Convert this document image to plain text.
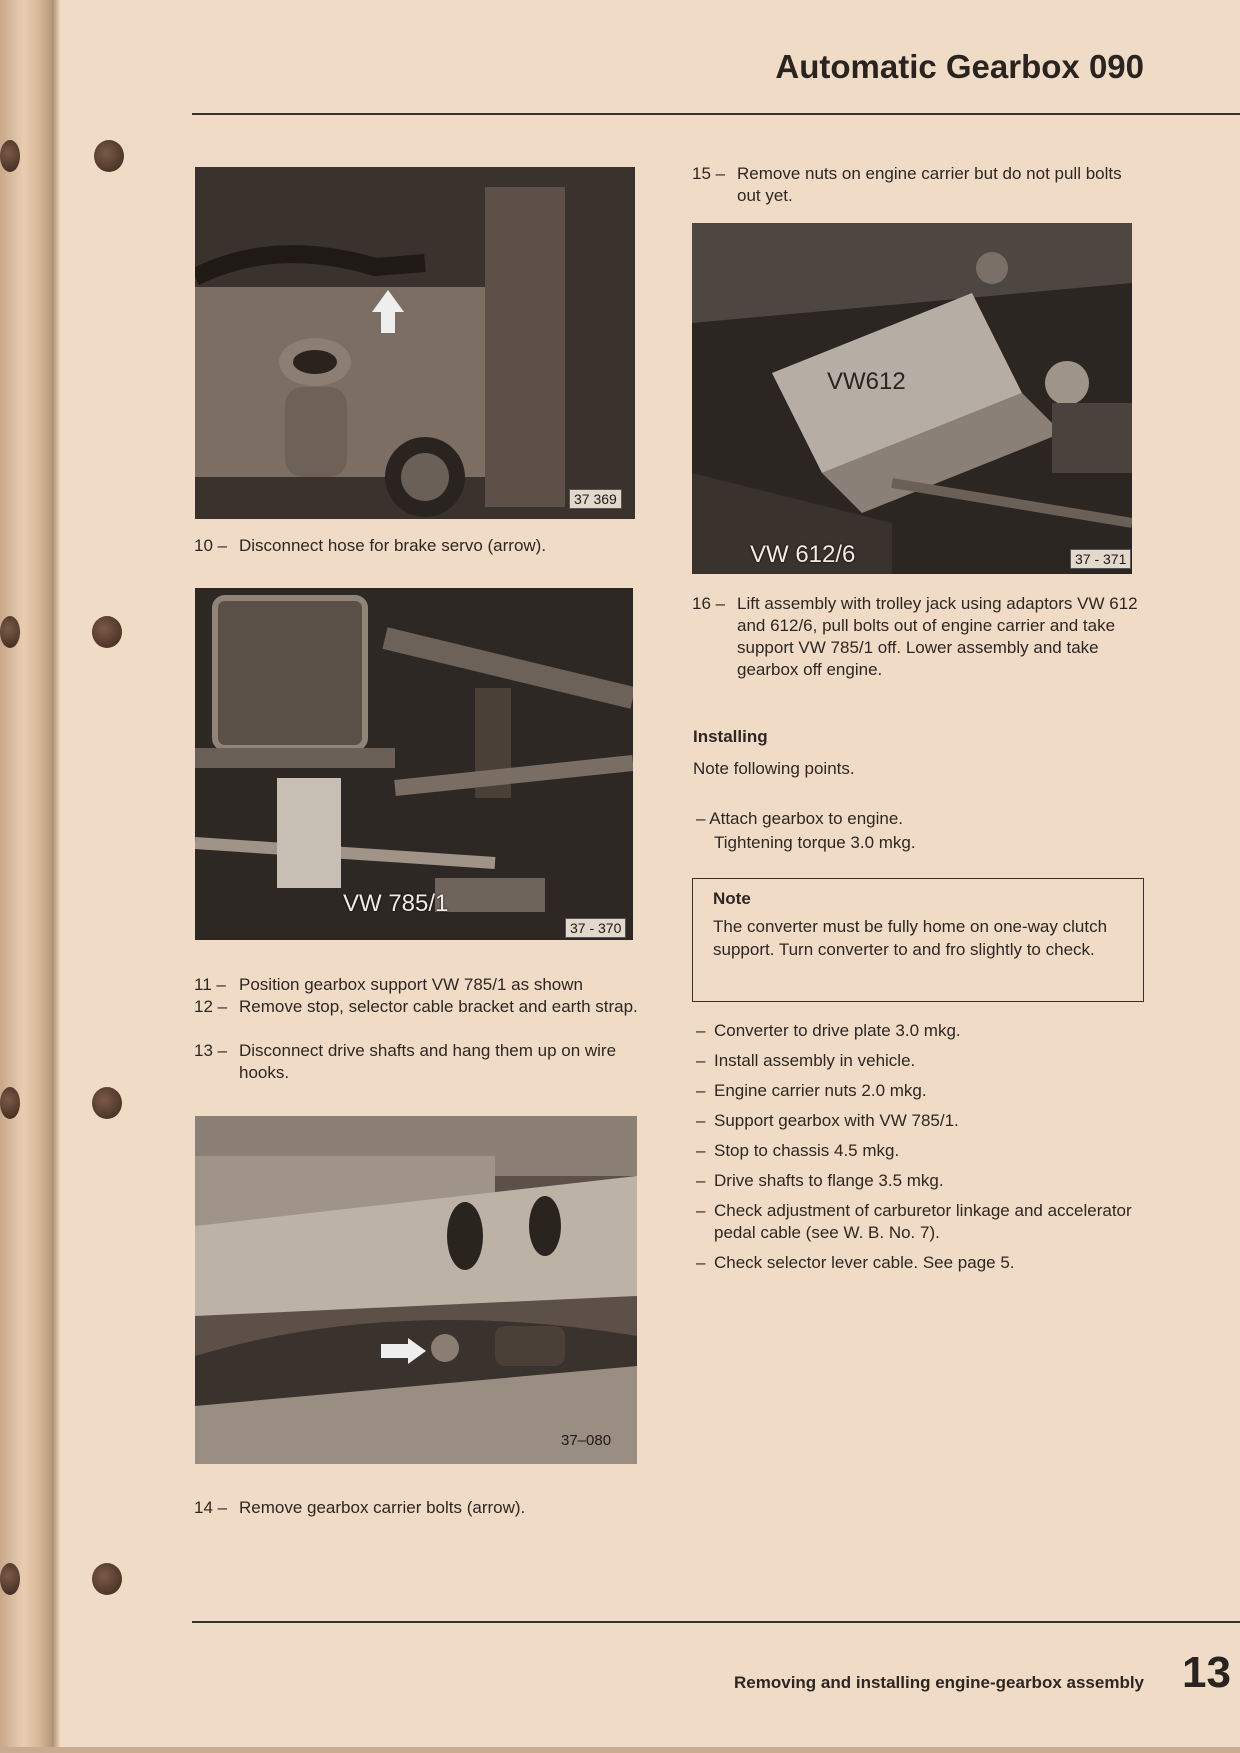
Automatic Gearbox 090
37 369
10 – Disconnect hose for brake servo (arrow).
VW 785/1
37 - 370
11 – Position gearbox support VW 785/1 as shown
12 – Remove stop, selector cable bracket and earth strap.
13 – Disconnect drive shafts and hang them up on wire hooks.
37–080
14 – Remove gearbox carrier bolts (arrow).
15 – Remove nuts on engine carrier but do not pull bolts out yet.
VW612
VW 612/6	37 - 371
16 – Lift assembly with trolley jack using adaptors VW 612 and 612/6, pull bolts out of engine carrier and take support VW 785/1 off. Lower assembly and take gearbox off engine.
Installing

Note following points.

– Attach gearbox to engine.
Tightening torque 3.0 mkg.
Note
The converter must be fully home on one-way clutch support. Turn converter to and fro slightly to check.
– Converter to drive plate 3.0 mkg.
– Install assembly in vehicle.
– Engine carrier nuts 2.0 mkg.
– Support gearbox with VW 785/1.
– Stop to chassis 4.5 mkg.
– Drive shafts to flange 3.5 mkg.
– Check adjustment of carburetor linkage and accelerator pedal cable (see W. B. No. 7).
– Check selector lever cable. See page 5.

Removing and installing engine-gearbox assembly 13
